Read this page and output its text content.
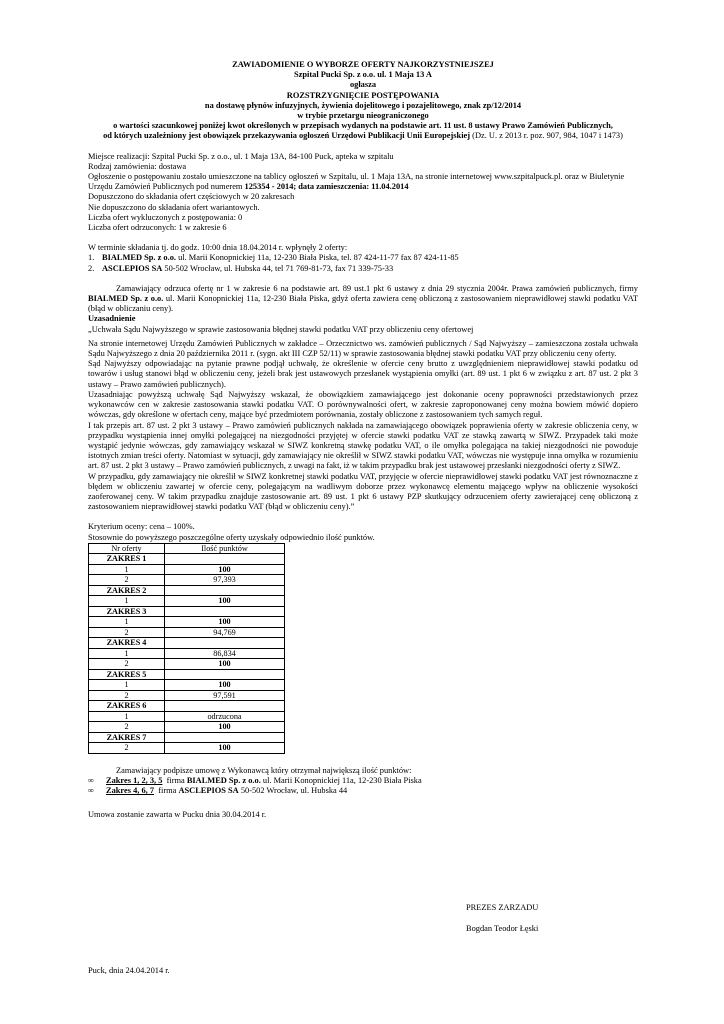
ZAWIADOMIENIE O WYBORZE OFERTY NAJKORZYSTNIEJSZEJ

Szpital Pucki Sp. z o.o. ul. 1 Maja 13 A

ogłasza

ROZSTRZYGNIĘCIE POSTĘPOWANIA

na dostawę płynów infuzyjnych, żywienia dojelitowego i pozajelitowego, znak zp/12/2014

w trybie przetargu nieograniczonego

o wartości szacunkowej poniżej kwot określonych w przepisach wydanych na podstawie art. 11 ust. 8 ustawy Prawo Zamówień Publicznych,

od których uzależniony jest obowiązek przekazywania ogłoszeń Urzędowi Publikacji Unii Europejskiej (Dz. U. z 2013 r. poz. 907, 984, 1047 i 1473)

Miejsce realizacji: Szpital Pucki Sp. z o.o., ul. 1 Maja 13A, 84-100 Puck, apteka w szpitalu

Rodzaj zamówienia: dostawa

Ogłoszenie o postępowaniu zostało umieszczone na tablicy ogłoszeń w Szpitalu, ul. 1 Maja 13A, na stronie internetowej www.szpitalpuck.pl. oraz w Biuletynie Urzędu Zamówień Publicznych pod numerem 125354 - 2014; data zamieszczenia: 11.04.2014

Dopuszczono do składania ofert częściowych w 20 zakresach

Nie dopuszczono do składania ofert wariantowych.

Liczba ofert wykluczonych z postępowania: 0

Liczba ofert odrzuconych: 1 w zakresie 6

W terminie składania tj. do godz. 10:00 dnia 18.04.2014 r. wpłynęły 2 oferty:

1. BIALMED Sp. z o.o. ul. Marii Konopnickiej 11a, 12-230 Biała Piska, tel. 87 424-11-77 fax 87 424-11-85
2. ASCLEPIOS SA 50-502 Wrocław, ul. Hubska 44, tel 71 769-81-73, fax 71 339-75-33

Zamawiający odrzuca ofertę nr 1 w zakresie 6 na podstawie art. 89 ust.1 pkt 6 ustawy z dnia 29 stycznia 2004r. Prawa zamówień publicznych, firmy BIALMED Sp. z o.o. ul. Marii Konopnickiej 11a, 12-230 Biała Piska, gdyż oferta zawiera cenę obliczoną z zastosowaniem nieprawidłowej stawki podatku VAT (błąd w obliczaniu ceny).

Uzasadnienie

„Uchwała Sądu Najwyższego w sprawie zastosowania błędnej stawki podatku VAT przy obliczeniu ceny ofertowej

Na stronie internetowej Urzędu Zamówień Publicznych w zakładce – Orzecznictwo ws. zamówień publicznych / Sąd Najwyższy – zamieszczona została uchwała Sądu Najwyższego z dnia 20 października 2011 r. (sygn. akt III CZP 52/11) w sprawie zastosowania błędnej stawki podatku VAT przy obliczeniu ceny oferty.

Sąd Najwyższy odpowiadając na pytanie prawne podjął uchwałę, że określenie w ofercie ceny brutto z uwzględnieniem nieprawidłowej stawki podatku od towarów i usług stanowi błąd w obliczeniu ceny, jeżeli brak jest ustawowych przesłanek wystąpienia omyłki (art. 89 ust. 1 pkt 6 w związku z art. 87 ust. 2 pkt 3 ustawy – Prawo zamówień publicznych).

Uzasadniając powyższą uchwałę Sąd Najwyższy wskazał, że obowiązkiem zamawiającego jest dokonanie oceny poprawności przedstawionych przez wykonawców cen w zakresie zastosowania stawki podatku VAT. O porównywalności ofert, w zakresie zaproponowanej ceny można bowiem mówić dopiero wówczas, gdy określone w ofertach ceny, mające być przedmiotem porównania, zostały obliczone z zastosowaniem tych samych reguł.

I tak przepis art. 87 ust. 2 pkt 3 ustawy – Prawo zamówień publicznych nakłada na zamawiającego obowiązek poprawienia oferty w zakresie obliczenia ceny, w przypadku wystąpienia innej omyłki polegającej na niezgodności przyjętej w ofercie stawki podatku VAT ze stawką zawartą w SIWZ. Przypadek taki może wystąpić jedynie wówczas, gdy zamawiający wskazał w SIWZ konkretną stawkę podatku VAT, o ile omyłka polegająca na takiej niezgodności nie powoduje istotnych zmian treści oferty. Natomiast w sytuacji, gdy zamawiający nie określił w SIWZ stawki podatku VAT, wówczas nie występuje inna omyłka w rozumieniu art. 87 ust. 2 pkt 3 ustawy – Prawo zamówień publicznych, z uwagi na fakt, iż w takim przypadku brak jest ustawowej przesłanki niezgodności oferty z SIWZ.

W przypadku, gdy zamawiający nie określił w SIWZ konkretnej stawki podatku VAT, przyjęcie w ofercie nieprawidłowej stawki podatku VAT jest równoznaczne z błędem w obliczeniu zawartej w ofercie ceny, polegającym na wadliwym doborze przez wykonawcę elementu mającego wpływ na obliczenie wysokości zaoferowanej ceny. W takim przypadku znajduje zastosowanie art. 89 ust. 1 pkt 6 ustawy PZP skutkujący odrzuceniem oferty zawierającej cenę obliczoną z zastosowaniem nieprawidłowej stawki podatku VAT (błąd w obliczeniu ceny).”

Kryterium oceny: cena – 100%.

Stosownie do powyższego poszczególne oferty uzyskały odpowiednio ilość punktów.

Nr oferty	Ilość punktów
ZAKRES 1	
1	100
2	97,393
ZAKRES 2	
1	100
ZAKRES 3	
1	100
2	94,769
ZAKRES 4	
1	86,834
2	100
ZAKRES 5	
1	100
2	97,591
ZAKRES 6	
1	odrzucona
2	100
ZAKRES 7	
2	100

Zamawiający podpisze umowę z Wykonawcą który otrzymał największą ilość punktów:

∞	Zakres 1, 2, 3, 5  firma BIALMED Sp. z o.o. ul. Marii Konopnickiej 11a, 12-230 Biała Piska
∞	Zakres 4, 6, 7  firma ASCLEPIOS SA 50-502 Wrocław, ul. Hubska 44

Umowa zostanie zawarta w Pucku dnia 30.04.2014 r.

PREZES ZARZADU

Bogdan Teodor Łęski

Puck, dnia 24.04.2014 r.
